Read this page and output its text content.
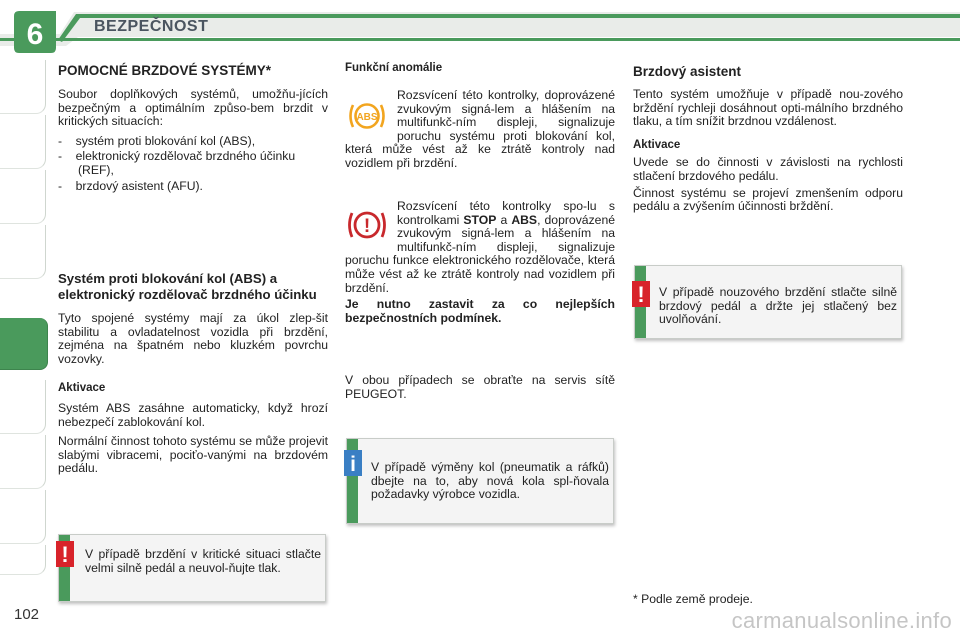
6	BEZPEČNOST
102
POMOCNÉ BRZDOVÉ SYSTÉMY*
Soubor doplňkových systémů, umožňu-jících bezpečným a optimálním způso-bem brzdit v kritických situacích:
-    systém proti blokování kol (ABS),
-    elektronický rozdělovač brzdného účinku (REF),
-    brzdový asistent (AFU).
Systém proti blokování kol (ABS) a elektronický rozdělovač brzdného účinku
Tyto spojené systémy mají za úkol zlep-šit stabilitu a ovladatelnost vozidla při brzdění, zejména na špatném nebo kluzkém povrchu vozovky.
Aktivace
Systém ABS zasáhne automaticky, když hrozí nebezpečí zablokování kol.
Normální činnost tohoto systému se může projevit slabými vibracemi, pociťo-vanými na brzdovém pedálu.
V případě brzdění v kritické situaci stlačte velmi silně pedál a neuvol-ňujte tlak.
!
Funkční anomálie
ABS
Rozsvícení této kontrolky, doprovázené zvukovým signá-lem a hlášením na multifunkč-ním displeji, signalizuje poruchu systému proti blokování kol, která může vést až ke ztrátě kontroly nad vozidlem při brzdění.
!
Rozsvícení této kontrolky spo-lu s kontrolkami STOP a ABS, doprovázené zvukovým signá-lem a hlášením na multifunkč-ním displeji, signalizuje poruchu funkce elektronického rozdělovače, která může vést až ke ztrátě kontroly nad vozidlem při brzdění.
Je nutno zastavit za co nejlepších bezpečnostních podmínek.
V obou případech se obraťte na servis sítě PEUGEOT.
V případě výměny kol (pneumatik a ráfků) dbejte na to, aby nová kola spl-ňovala požadavky výrobce vozidla.
i
Brzdový asistent
Tento systém umožňuje v případě nou-zového brždění rychleji dosáhnout opti-málního brzdného tlaku, a tím snížit brzdnou vzdálenost.
Aktivace
Uvede se do činnosti v závislosti na rychlosti stlačení brzdového pedálu.
Činnost systému se projeví zmenšením odporu pedálu a zvýšením účinnosti brždění.
V případě nouzového brzdění stlačte silně brzdový pedál a držte jej stlačený bez uvolňování.
!
* Podle země prodeje.
carmanualsonline.info
